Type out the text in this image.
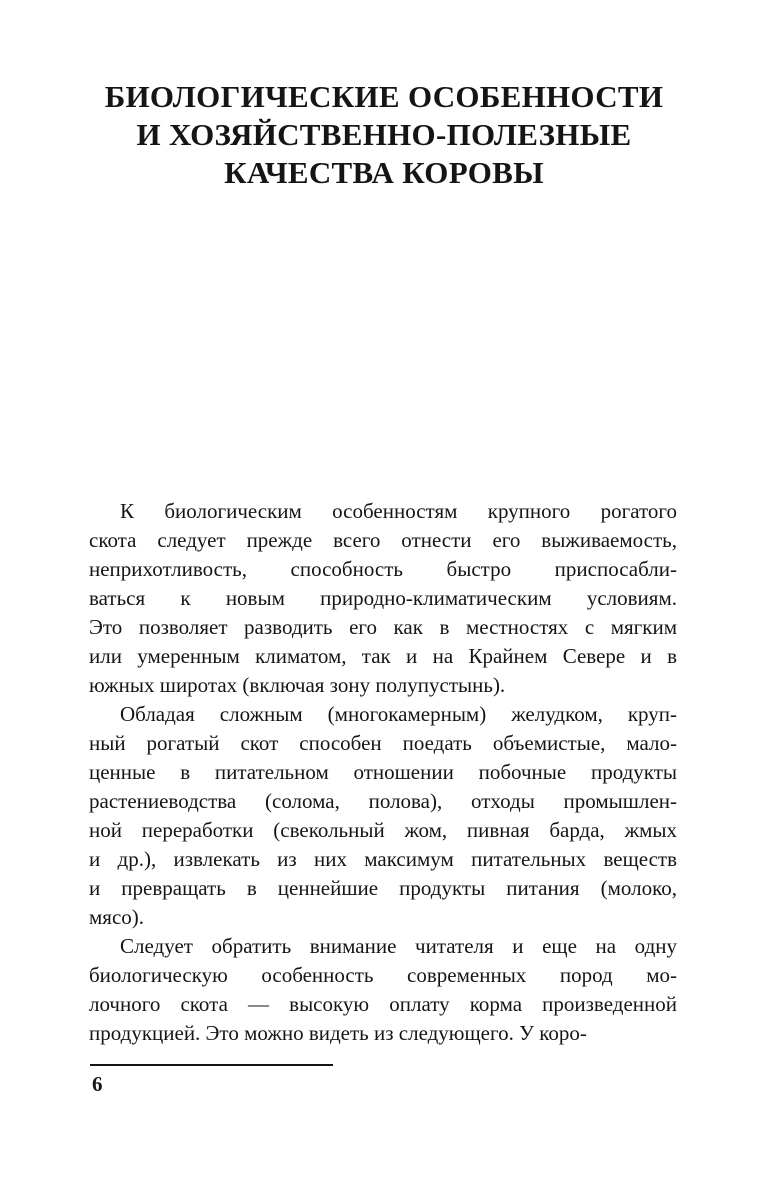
БИОЛОГИЧЕСКИЕ ОСОБЕННОСТИ
И ХОЗЯЙСТВЕННО-ПОЛЕЗНЫЕ
КАЧЕСТВА КОРОВЫ

К биологическим особенностям крупного рогатого
скота следует прежде всего отнести его выживаемость,
неприхотливость, способность быстро приспосабли-
ваться к новым природно-климатическим условиям.
Это позволяет разводить его как в местностях с мягким
или умеренным климатом, так и на Крайнем Севере и в
южных широтах (включая зону полупустынь).

Обладая сложным (многокамерным) желудком, круп-
ный рогатый скот способен поедать объемистые, мало-
ценные в питательном отношении побочные продукты
растениеводства (солома, полова), отходы промышлен-
ной переработки (свекольный жом, пивная барда, жмых
и др.), извлекать из них максимум питательных веществ
и превращать в ценнейшие продукты питания (молоко,
мясо).

Следует обратить внимание читателя и еще на одну
биологическую особенность современных пород мо-
лочного скота — высокую оплату корма произведенной
продукцией. Это можно видеть из следующего. У коро-

6
